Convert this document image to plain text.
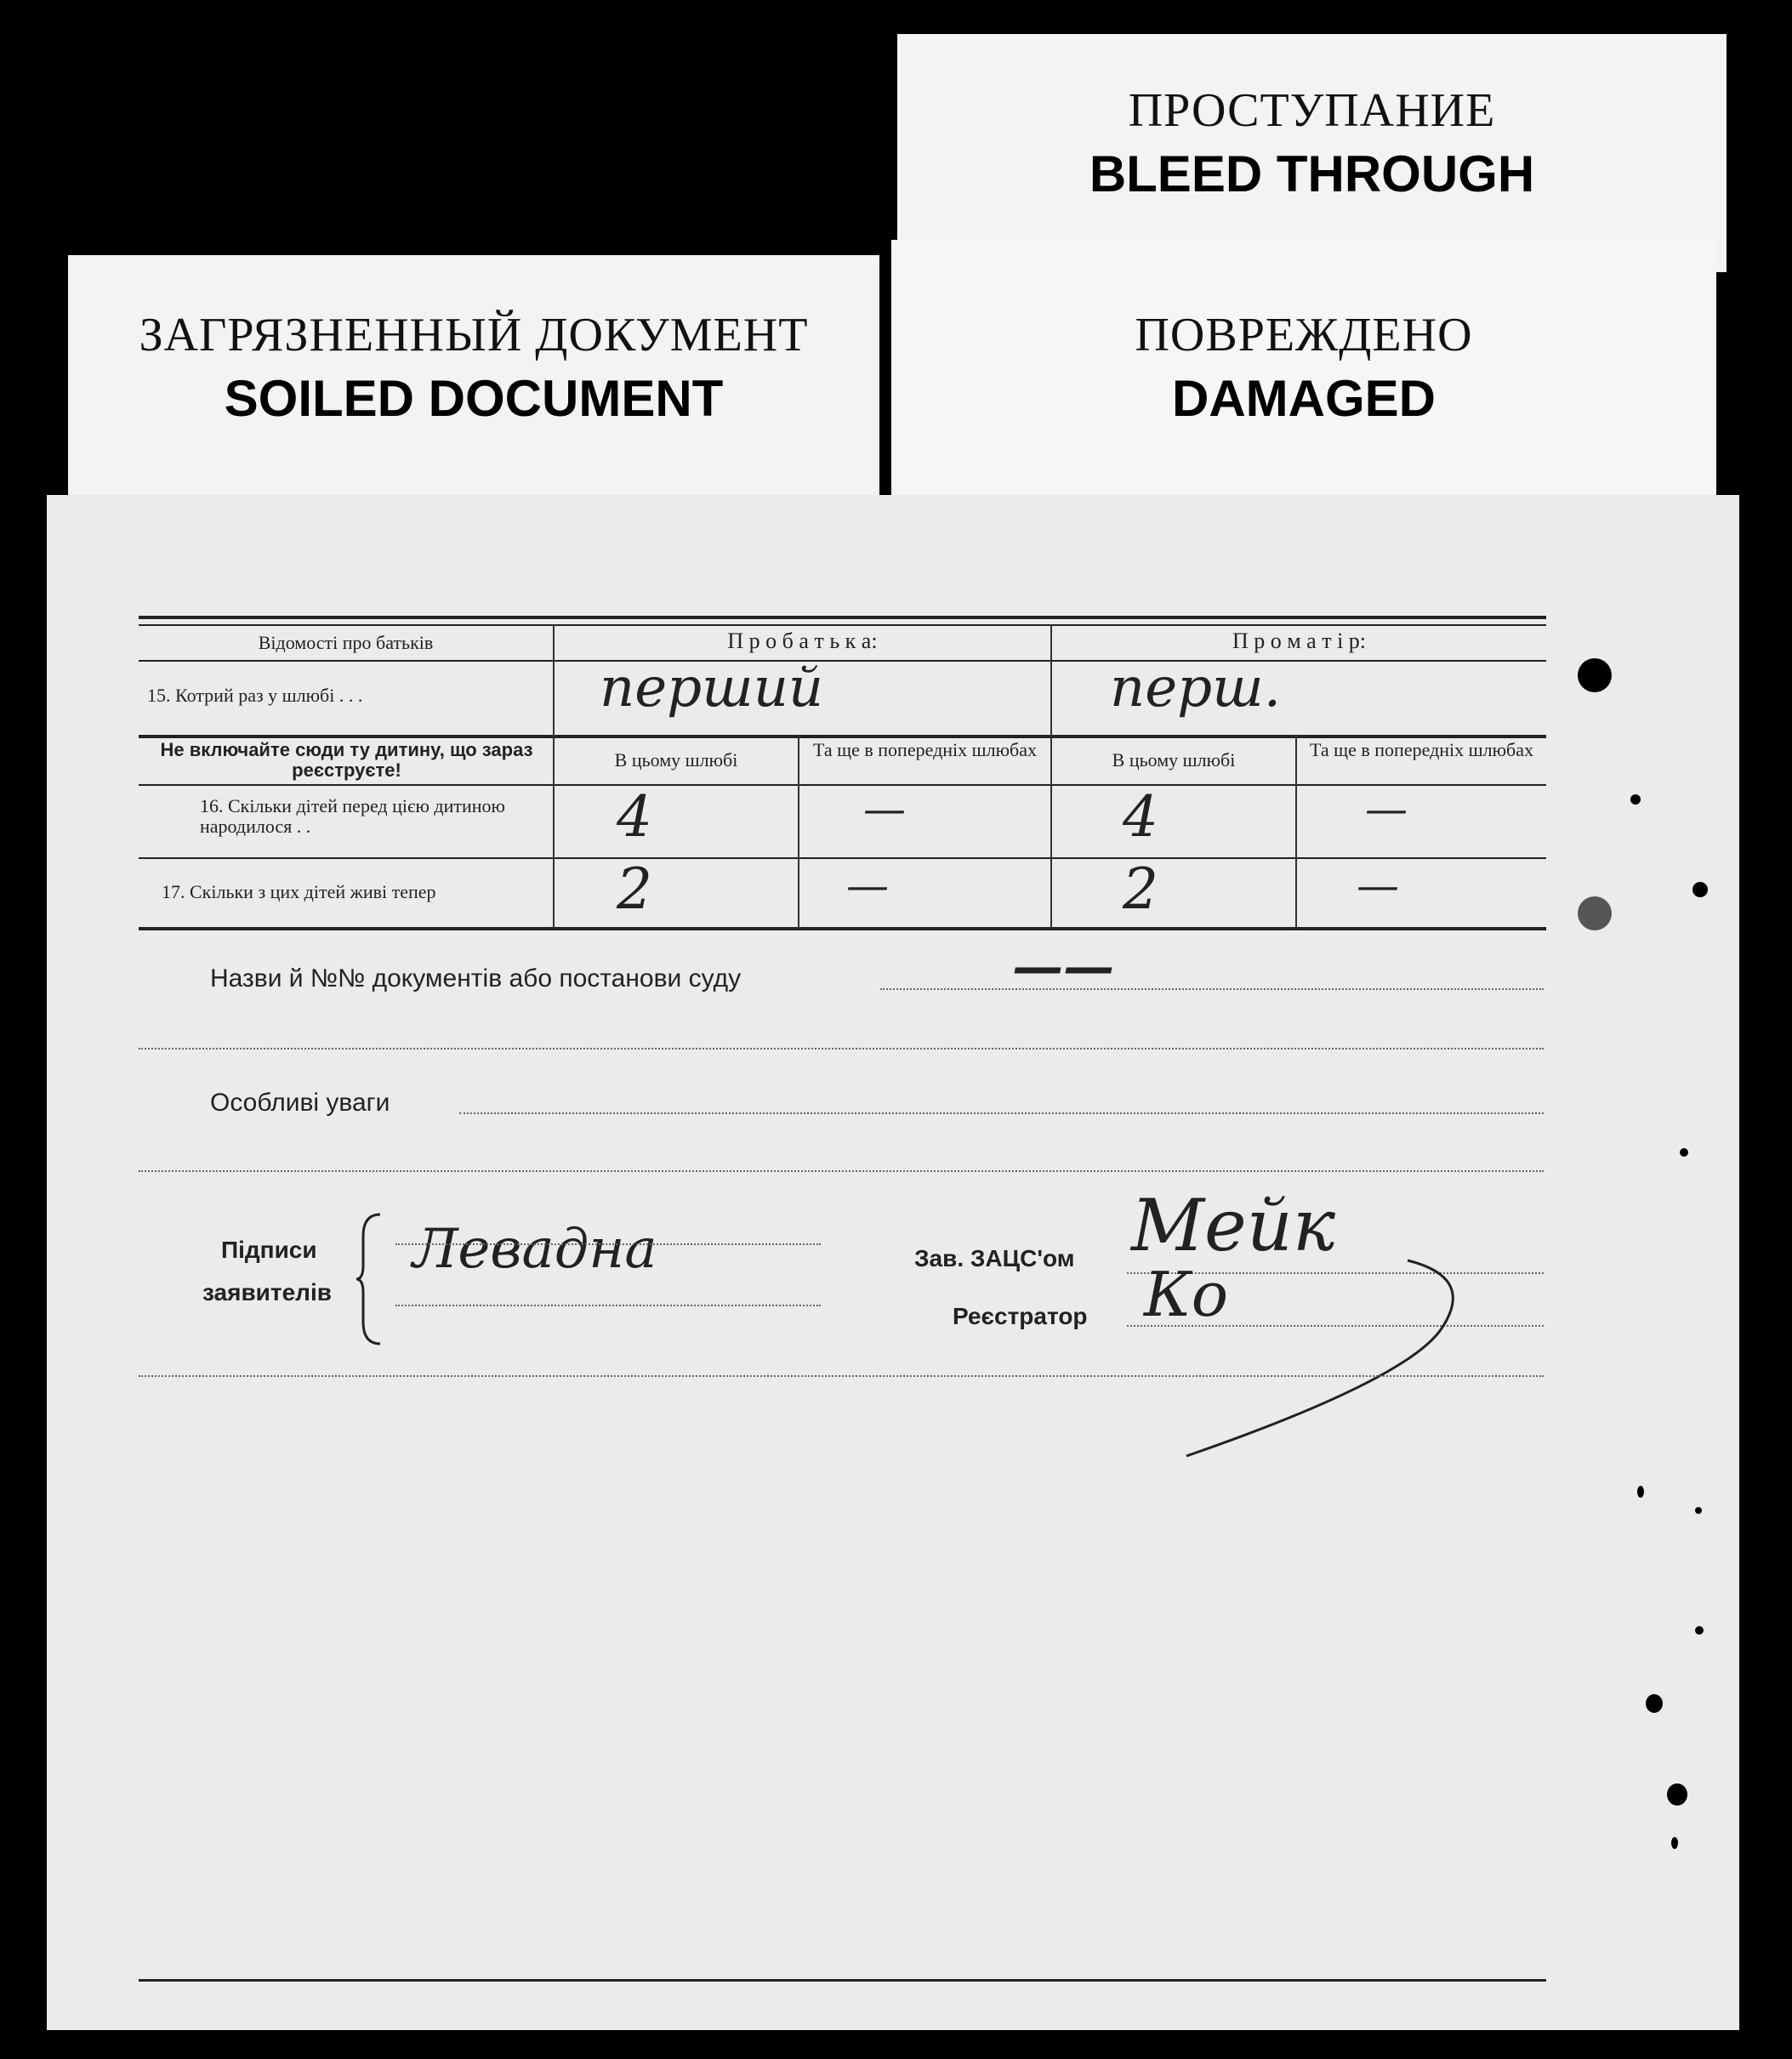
ПРОСТУПАНИЕ
BLEED THROUGH
ЗАГРЯЗНЕННЫЙ ДОКУМЕНТ
SOILED DOCUMENT
ПОВРЕЖДЕНО
DAMAGED
Відомості про батьків	П р о б а т ь к а:	П р о м а т і р:
15. Котрий раз у шлюбі . . .	перший	перш.
Не включайте сюди ту дитину, що зараз реєструєте!	В цьому шлюбі	Та ще в попередніх шлюбах	В цьому шлюбі	Та ще в попередніх шлюбах
16. Скільки дітей перед цією дитиною народилося . .	4	—	4	—
17. Скільки з цих дітей живі тепер	2	—	2	—
Назви й №№ документів або постанови суду	——
Особливі уваги
Підписи
заявителів
Левадна	Зав. ЗАЦС'ом
Реєстратор
Мейк
Ко
